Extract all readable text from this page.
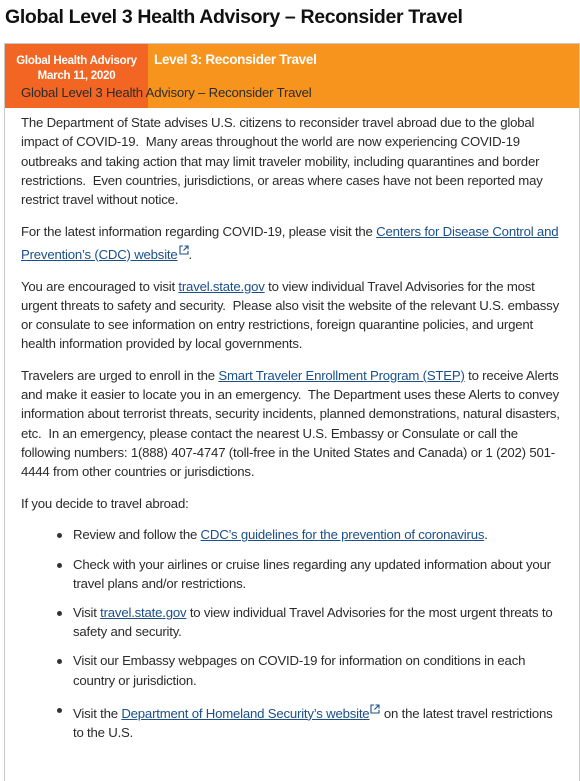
Global Level 3 Health Advisory – Reconsider Travel
Global Health Advisory
March 11, 2020
Level 3: Reconsider Travel

Global Level 3 Health Advisory – Reconsider Travel

The Department of State advises U.S. citizens to reconsider travel abroad due to the global impact of COVID-19.  Many areas throughout the world are now experiencing COVID-19 outbreaks and taking action that may limit traveler mobility, including quarantines and border restrictions.  Even countries, jurisdictions, or areas where cases have not been reported may restrict travel without notice.

For the latest information regarding COVID-19, please visit the Centers for Disease Control and Prevention’s (CDC) website .

You are encouraged to visit travel.state.gov to view individual Travel Advisories for the most urgent threats to safety and security.  Please also visit the website of the relevant U.S. embassy or consulate to see information on entry restrictions, foreign quarantine policies, and urgent health information provided by local governments.

Travelers are urged to enroll in the Smart Traveler Enrollment Program (STEP) to receive Alerts and make it easier to locate you in an emergency.  The Department uses these Alerts to convey information about terrorist threats, security incidents, planned demonstrations, natural disasters, etc.  In an emergency, please contact the nearest U.S. Embassy or Consulate or call the following numbers: 1(888) 407-4747 (toll-free in the United States and Canada) or 1 (202) 501-4444 from other countries or jurisdictions.

If you decide to travel abroad:

Review and follow the CDC’s guidelines for the prevention of coronavirus.
Check with your airlines or cruise lines regarding any updated information about your travel plans and/or restrictions.
Visit travel.state.gov to view individual Travel Advisories for the most urgent threats to safety and security.
Visit our Embassy webpages on COVID-19 for information on conditions in each country or jurisdiction.
Visit the Department of Homeland Security’s website on the latest travel restrictions to the U.S.
